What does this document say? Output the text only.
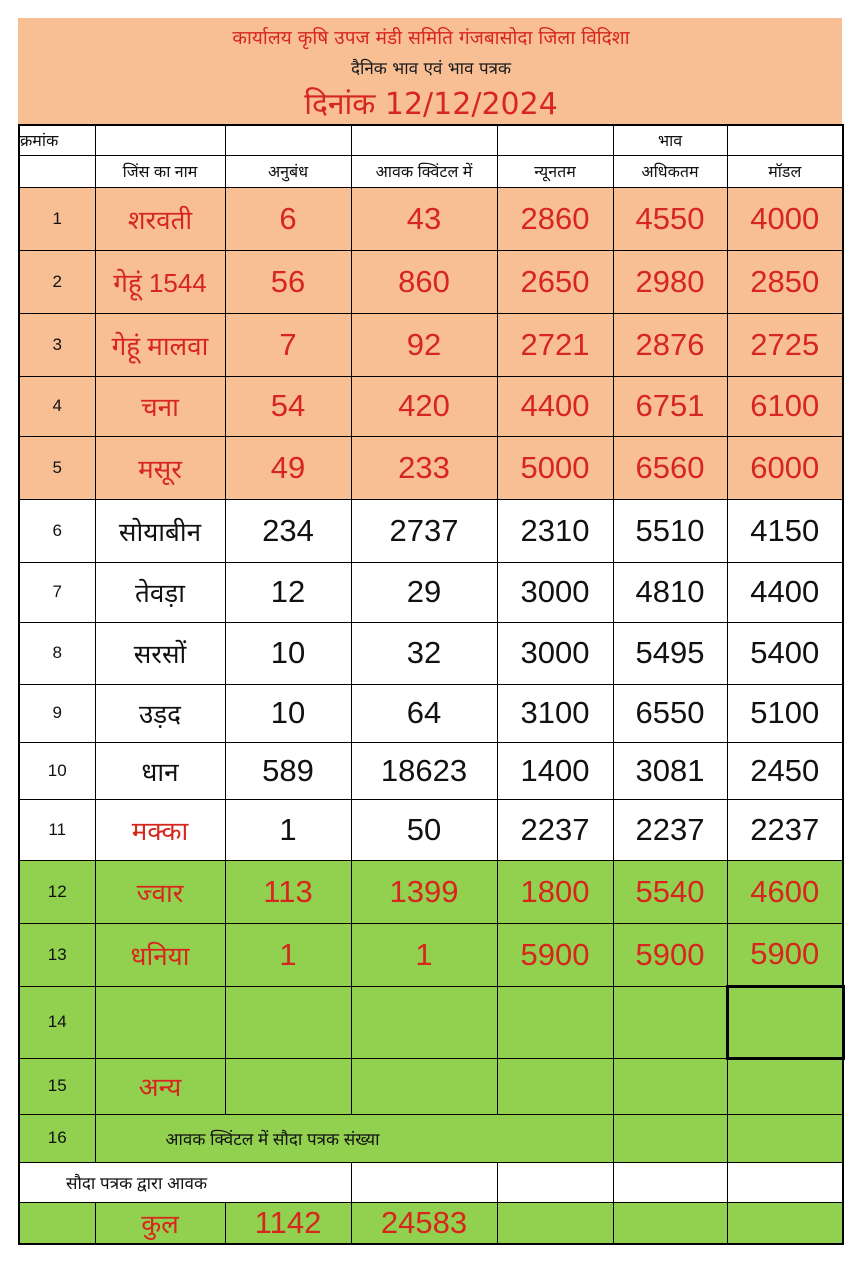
कार्यालय कृषि उपज मंडी समिति गंजबासोदा जिला विदिशा
दैनिक भाव एवं भाव पत्रक
दिनांक 12/12/2024
क्रमांक					भाव	
	जिंस का नाम	अनुबंध	आवक क्विंटल में	न्यूनतम	अधिकतम	मॉडल
1	शरवती	6	43	2860	4550	4000
2	गेहूं 1544	56	860	2650	2980	2850
3	गेहूं मालवा	7	92	2721	2876	2725
4	चना	54	420	4400	6751	6100
5	मसूर	49	233	5000	6560	6000
6	सोयाबीन	234	2737	2310	5510	4150
7	तेवड़ा	12	29	3000	4810	4400
8	सरसों	10	32	3000	5495	5400
9	उड़द	10	64	3100	6550	5100
10	धान	589	18623	1400	3081	2450
11	मक्का	1	50	2237	2237	2237
12	ज्वार	113	1399	1800	5540	4600
13	धनिया	1	1	5900	5900	5900
14						
15	अन्य					
16	आवक क्विंटल में सौदा पत्रक संख्या					
सौदा पत्रक द्वारा आवक						
	कुल	1142	24583			
